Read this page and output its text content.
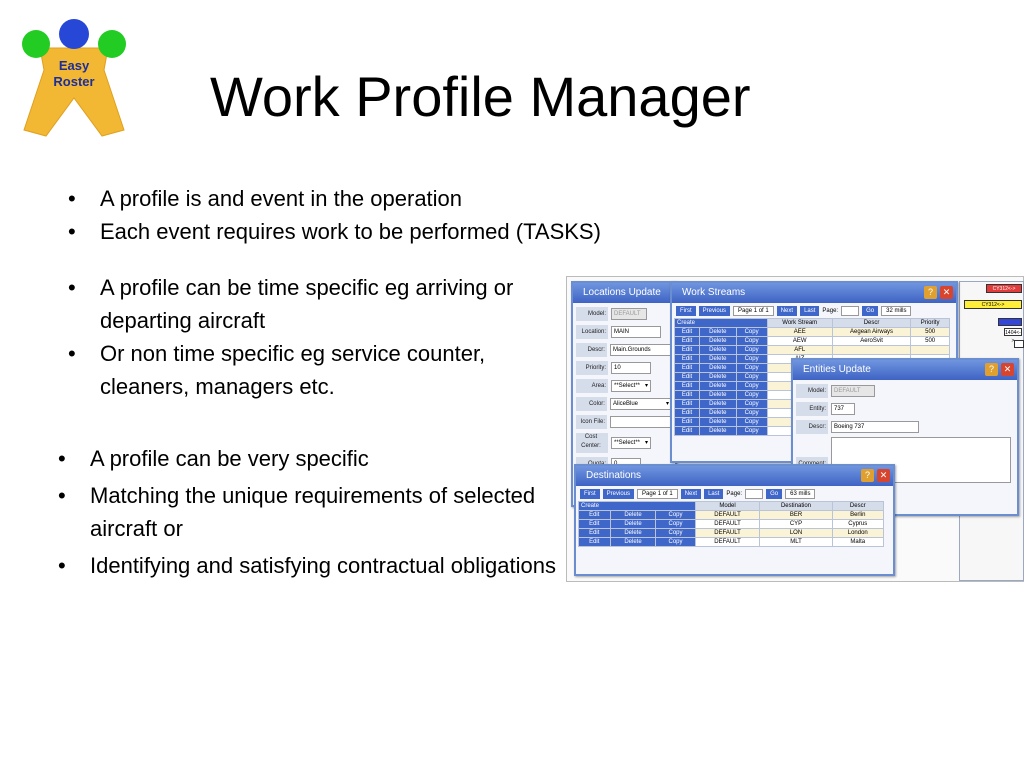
Easy
Roster Work Profile Manager
• A profile is and event in the operation
• Each event requires work to be performed (TASKS)
• A profile can be time specific eg arriving or departing aircraft
• Or non time specific eg service counter, cleaners, managers etc.
• A profile can be very specific
• Matching the unique requirements of selected aircraft or
• Identifying and satisfying contractual obligations
CY312<->
CY312<->
1404<->
Locations Update
Model:	DEFAULT
Location:	MAIN
Descr:	Main.Grounds
Priority:	10
Area:	**Select** ▾
Color:	AliceBlue ▾
Icon File:
Cost Center:	**Select** ▾
Work Streams	?	✕
First	Previous	Page 1 of 1	Next	Last	Page:	Go	32 mills
Create			Work Stream	Descr	Priority
Edit	Delete	Copy	AEE	Aegean Airways	500
Edit	Delete	Copy	AEW	AeroSvit	500
Edit	Delete	Copy	AFL		
Edit	Delete	Copy			
Edit	Delete	Copy			
Edit	Delete	Copy			
Edit	Delete	Copy			
Edit	Delete	Copy			
Edit	Delete	Copy			
Edit	Delete	Copy			
Edit	Delete	Copy			
Edit	Delete	Copy			
Entities Update	?	✕
Model:	DEFAULT
Entity:	737
Descr:	Boeing 737
Destinations	?	✕
First	Previous	Page 1 of 1	Next	Last	Page:	Go	63 mills
Create			Model	Destination	Descr
Edit	Delete	Copy	DEFAULT	BER	Berlin
Edit	Delete	Copy	DEFAULT	CYP	Cyprus
Edit	Delete	Copy	DEFAULT	LON	London
Edit	Delete	Copy	DEFAULT	MLT	Malta
